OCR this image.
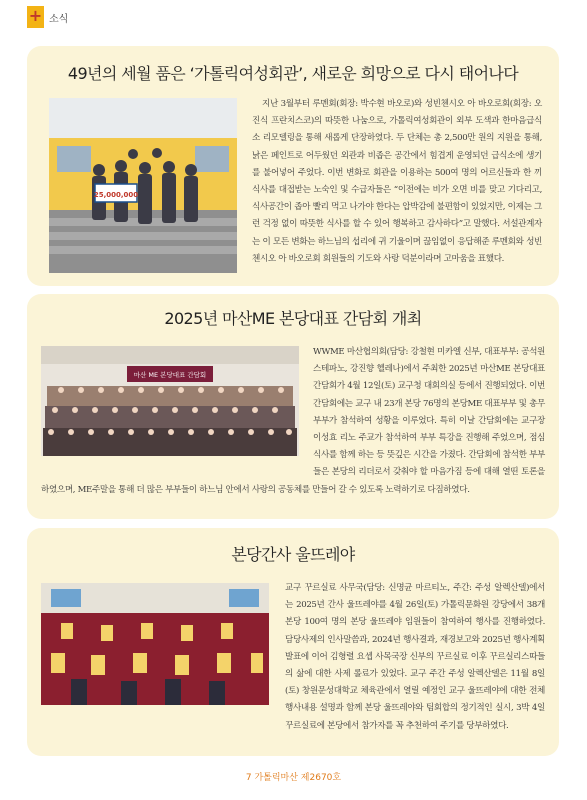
+ 소식
49년의 세월 품은 ‘가톨릭여성회관’, 새로운 희망으로 다시 태어나다
25,000,000
지난 3월부터 루멘회(회장: 박수현 바오로)와 성빈첸시오 아 바오로회(회장: 오진식 프란치스코)의 따뜻한 나눔으로, 가톨릭여성회관이 외부 도색과 한마음급식소 리모델링을 통해 새롭게 단장하였다. 두 단체는 총 2,500만 원의 지원을 통해, 낡은 페인트로 어두웠던 외관과 비좁은 공간에서 힘겹게 운영되던 급식소에 생기를 불어넣어 주었다. 이번 변화로 회관을 이용하는 500여 명의 어르신들과 한 끼 식사를 대접받는 노숙인 및 수급자들은 “이전에는 비가 오면 비를 맞고 기다리고, 식사공간이 좁아 빨리 먹고 나가야 한다는 압박감에 불편함이 있었지만, 이제는 그런 걱정 없이 따뜻한 식사를 할 수 있어 행복하고 감사하다”고 말했다. 서설관계자는 이 모든 변화는 하느님의 섭리에 귀 기울이며 끊임없이 응답해준 루멘회와 성빈첸시오 아 바오로회 회원들의 기도와 사랑 덕분이라며 고마움을 표했다.
2025년 마산ME 본당대표 간담회 개최
마산 ME 본당대표 간담회
WWME 마산협의회(담당: 강철현 미카엘 신부, 대표부부: 공석원 스테파노, 강진향 헬레나)에서 주최한 2025년 마산ME 본당대표 간담회가 4월 12일(토) 교구청 대회의실 등에서 진행되었다. 이번 간담회에는 교구 내 23개 본당 76명의 본당ME 대표부부 및 총무부부가 참석하여 성황을 이루었다. 특히 이날 간담회에는 교구장 이성효 리노 주교가 참석하여 부부 특강을 진행해 주었으며, 점심식사를 함께 하는 등 뜻깊은 시간을 가졌다. 간담회에 참석한 부부들은 본당의 리더로서 갖춰야 할 마음가짐 등에 대해 열띤 토론을 하였으며, ME주말을 통해 더 많은 부부들이 하느님 안에서 사랑의 공동체를 만들어 갈 수 있도록 노력하기로 다짐하였다.
본당간사 울뜨레야
교구 꾸르실료 사무국(담당: 신명균 마르티노, 주간: 주성 알렉산델)에서는 2025년 간사 울뜨레야를 4월 26일(토) 가톨릭문화원 강당에서 38개 본당 100여 명의 본당 울뜨레야 임원들이 참여하여 행사를 진행하였다. 담당사제의 인사말씀과, 2024년 행사결과, 재경보고와 2025년 행사계획 발표에 이어 김형렬 요셉 사목국장 신부의 꾸르실료 이후 꾸르실리스따들의 삶에 대한 사제 롤료가 있었다. 교구 주간 주성 알렉산델은 11월 8일(토) 창원문성대학교 체육관에서 열릴 예정인 교구 울뜨레야에 대한 전체 행사내용 설명과 함께 본당 울뜨레야와 팀회합의 정기적인 실시, 3박 4일 꾸르실료에 본당에서 참가자를 꼭 추천하여 주기를 당부하였다.
7 가톨릭마산 제2670호
